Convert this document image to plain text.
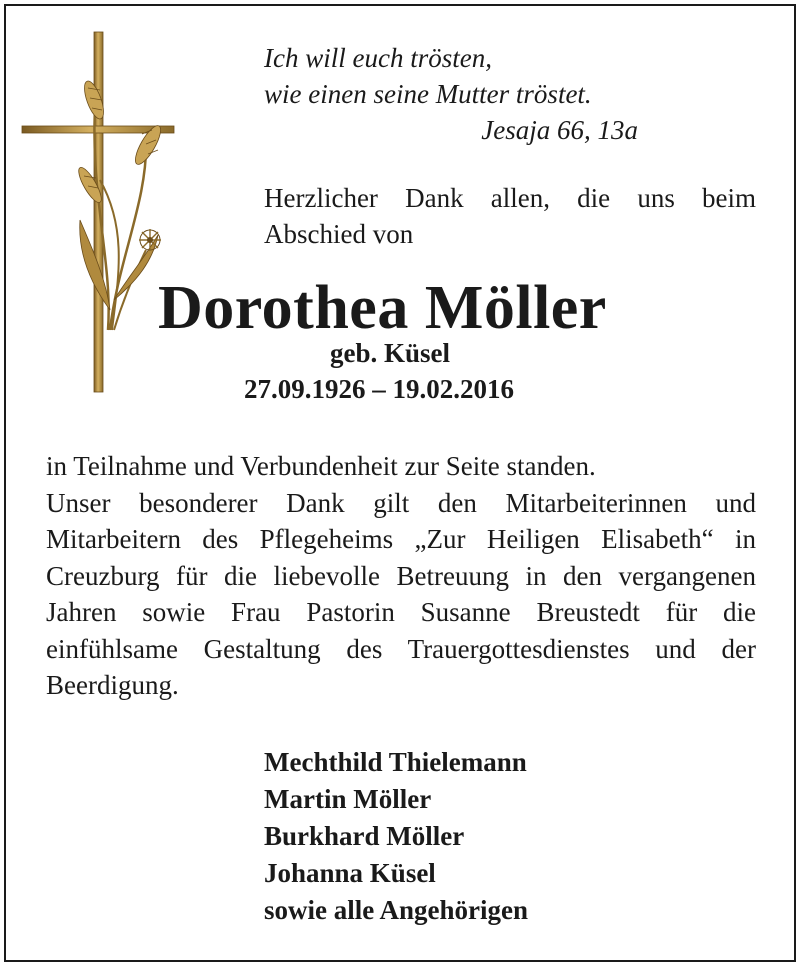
Ich will euch trösten,
wie einen seine Mutter tröstet.
Jesaja 66, 13a
Herzlicher Dank allen, die uns beim
Abschied von
Dorothea Möller
geb. Küsel
27.09.1926 – 19.02.2016

in Teilnahme und Verbundenheit zur Seite standen.

Unser besonderer Dank gilt den Mitarbeiterinnen und Mitarbeitern des Pflegeheims „Zur Heiligen Elisabeth“ in Creuzburg für die liebevolle Betreuung in den vergangenen Jahren sowie Frau Pastorin Susanne Breustedt für die einfühlsame Gestaltung des Trauergottesdienstes und der Beerdigung.

Mechthild Thielemann
Martin Möller
Burkhard Möller
Johanna Küsel
sowie alle Angehörigen
